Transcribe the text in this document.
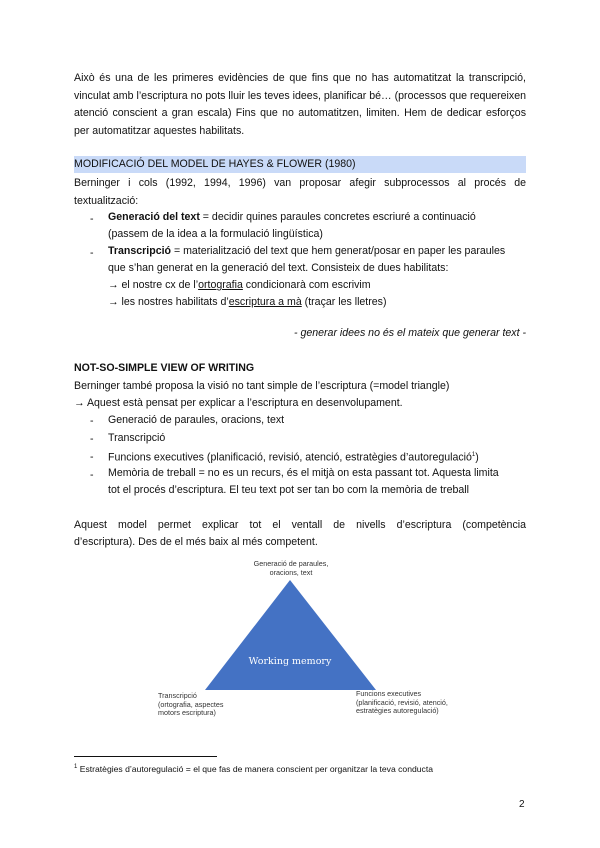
Això és una de les primeres evidències de que fins que no has automatitzat la transcripció, vinculat amb l’escriptura no pots lluir les teves idees, planificar bé… (processos que requereixen atenció conscient a gran escala) Fins que no automatitzen, limiten. Hem de dedicar esforços per automatitzar aquestes habilitats.
MODIFICACIÓ DEL MODEL DE HAYES & FLOWER (1980)
Berninger i cols (1992, 1994, 1996) van proposar afegir subprocessos al procés de
textualització:
- Generació del text = decidir quines paraules concretes escriuré a continuació
(passem de la idea a la formulació lingüística)
- Transcripció = materialització del text que hem generat/posar en paper les paraules
que s’han generat en la generació del text. Consisteix de dues habilitats:
→ el nostre cx de l’ortografia condicionarà com escrivim
→ les nostres habilitats d’escriptura a mà (traçar les lletres)
- generar idees no és el mateix que generar text -
NOT-SO-SIMPLE VIEW OF WRITING
Berninger també proposa la visió no tant simple de l’escriptura (=model triangle)
→ Aquest està pensat per explicar a l’escriptura en desenvolupament.
- Generació de paraules, oracions, text
- Transcripció
- Funcions executives (planificació, revisió, atenció, estratègies d’autoregulació$^1$)
- Memòria de treball = no es un recurs, és el mitjà on esta passant tot. Aquesta limita
tot el procés d’escriptura. El teu text pot ser tan bo com la memòria de treball
Aquest model permet explicar tot el ventall de nivells d’escriptura (competència
d’escriptura). Des de el més baix al més competent.
Working memory
Generació de paraules,
oracions, text
Transcripció
(ortografia, aspectes
motors escriptura)
Funcions executives
(planificació, revisió, atenció,
estratègies autoregulació)
$^1$ Estratègies d’autoregulació = el que fas de manera conscient per organitzar la teva conducta
2
